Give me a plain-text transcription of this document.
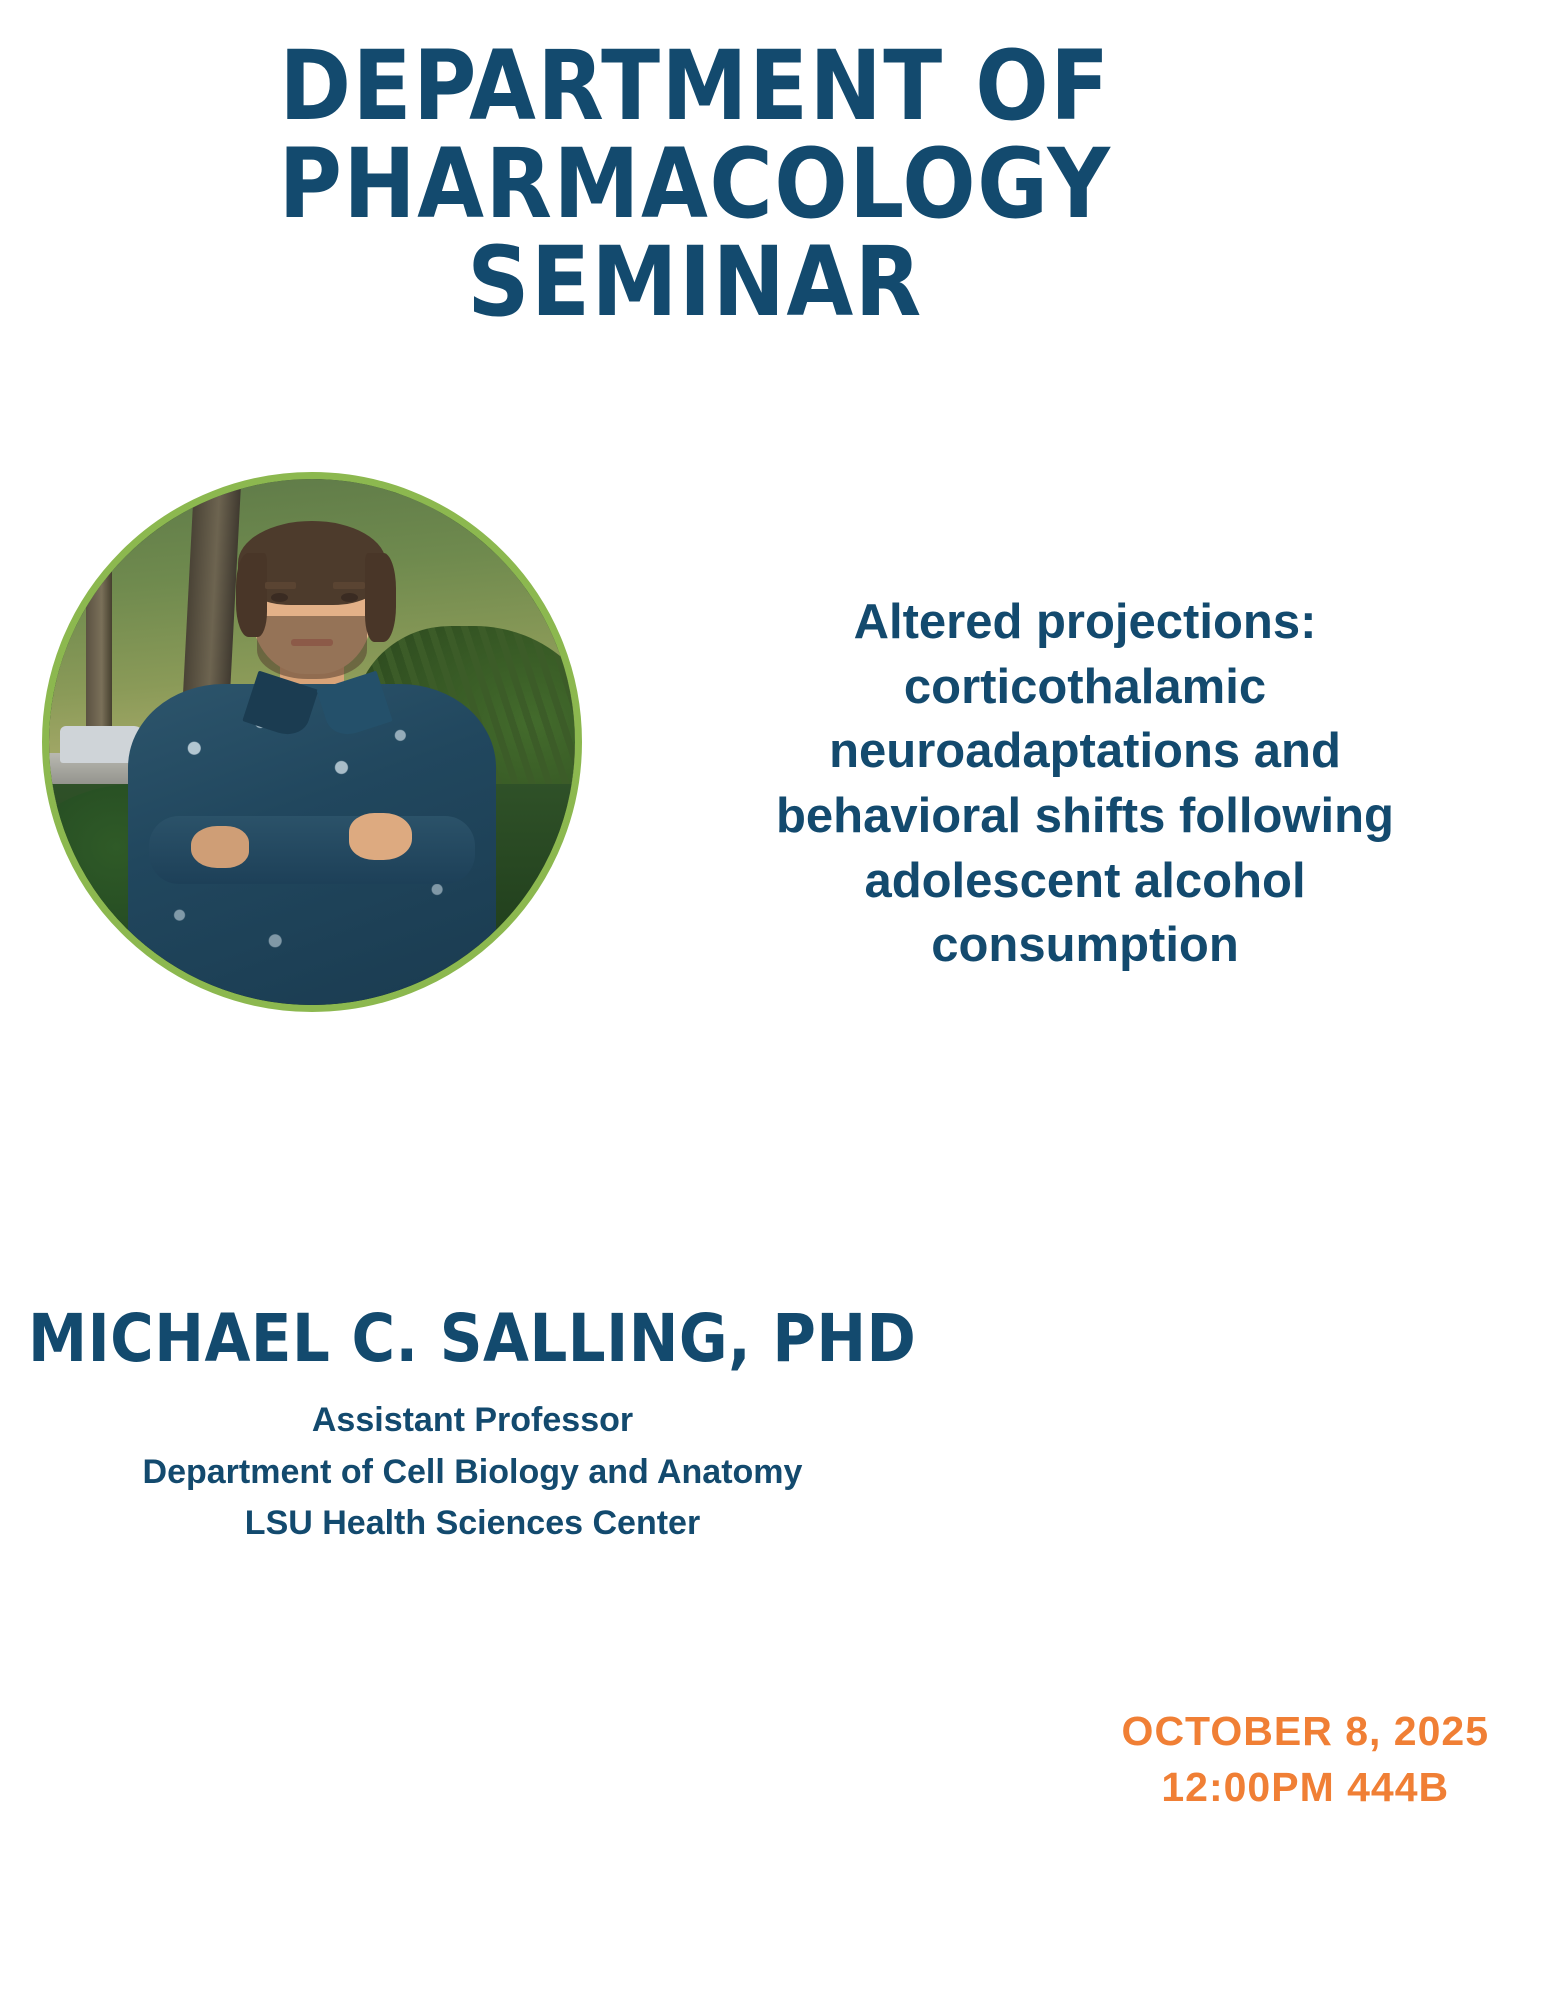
DEPARTMENT OF
PHARMACOLOGY
SEMINAR
Altered projections: corticothalamic neuroadaptations and behavioral shifts following adolescent alcohol consumption
MICHAEL C. SALLING, PHD
Assistant Professor
Department of Cell Biology and Anatomy
LSU Health Sciences Center
OCTOBER 8, 2025
12:00PM 444B
